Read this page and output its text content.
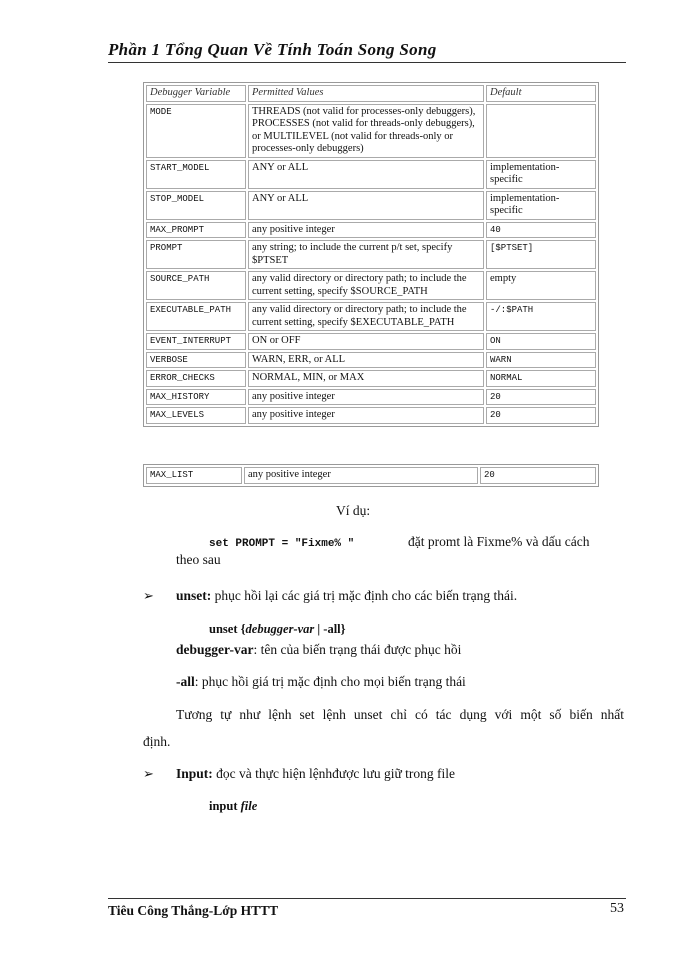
Phần 1 Tổng Quan Về Tính Toán Song Song
Debugger Variable	Permitted Values	Default
MODE	THREADS (not valid for processes-only debuggers), PROCESSES (not valid for threads-only debuggers), or MULTILEVEL (not valid for threads-only or processes-only debuggers)	
START_MODEL	ANY or ALL	implementation-specific
STOP_MODEL	ANY or ALL	implementation-specific
MAX_PROMPT	any positive integer	40
PROMPT	any string; to include the current p/t set, specify $PTSET	[$PTSET]
SOURCE_PATH	any valid directory or directory path; to include the current setting, specify $SOURCE_PATH	empty
EXECUTABLE_PATH	any valid directory or directory path; to include the current setting, specify $EXECUTABLE_PATH	-/:$PATH
EVENT_INTERRUPT	ON or OFF	ON
VERBOSE	WARN, ERR, or ALL	WARN
ERROR_CHECKS	NORMAL, MIN, or MAX	NORMAL
MAX_HISTORY	any positive integer	20
MAX_LEVELS	any positive integer	20
MAX_LIST	any positive integer	20
Ví dụ:
set PROMPT = "Fixme% "	đặt promt là Fixme% và dấu cách
theo sau
➢ unset: phục hồi lại các giá trị mặc định cho các biến trạng thái.
unset {debugger-var | -all}
debugger-var: tên của biến trạng thái được phục hồi
-all: phục hồi giá trị mặc định cho mọi biến trạng thái
Tương tự như lệnh set lệnh unset chỉ có tác dụng với một số biến nhất
định.
➢ Input: đọc và thực hiện lệnhđược lưu giữ trong file
input file
Tiêu Công Thắng-Lớp HTTT	53
